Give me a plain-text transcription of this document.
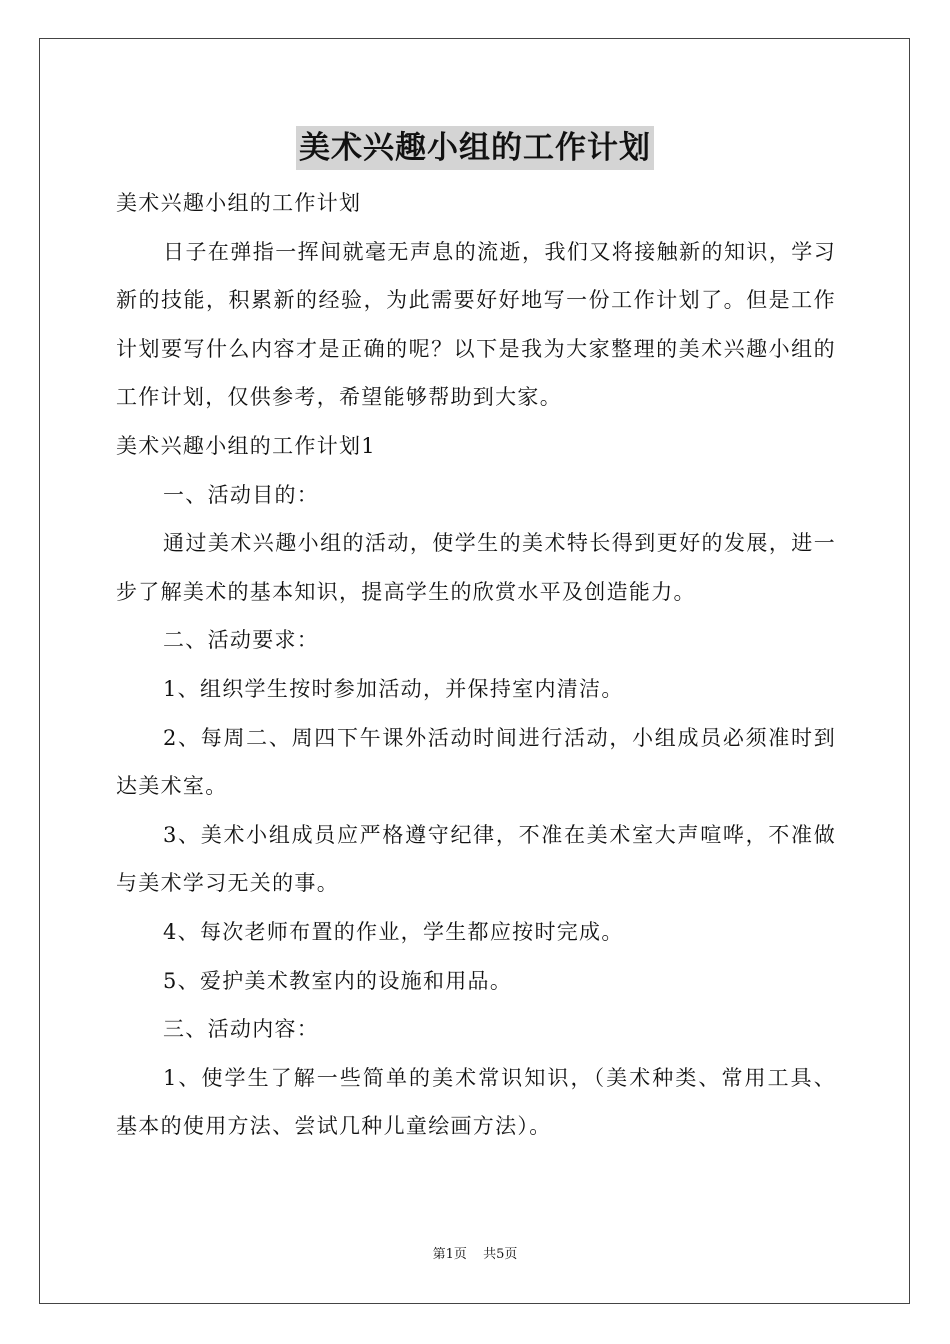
美术兴趣小组的工作计划

美术兴趣小组的工作计划

日子在弹指一挥间就毫无声息的流逝，我们又将接触新的知识，学习新的技能，积累新的经验，为此需要好好地写一份工作计划了。但是工作计划要写什么内容才是正确的呢？以下是我为大家整理的美术兴趣小组的工作计划，仅供参考，希望能够帮助到大家。

美术兴趣小组的工作计划1

一、活动目的：

通过美术兴趣小组的活动，使学生的美术特长得到更好的发展，进一步了解美术的基本知识，提高学生的欣赏水平及创造能力。

二、活动要求：

1、组织学生按时参加活动，并保持室内清洁。

2、每周二、周四下午课外活动时间进行活动，小组成员必须准时到达美术室。

3、美术小组成员应严格遵守纪律，不准在美术室大声喧哗，不准做与美术学习无关的事。

4、每次老师布置的作业，学生都应按时完成。

5、爱护美术教室内的设施和用品。

三、活动内容：

1、使学生了解一些简单的美术常识知识，（美术种类、常用工具、基本的使用方法、尝试几种儿童绘画方法）。

第1页 共5页
